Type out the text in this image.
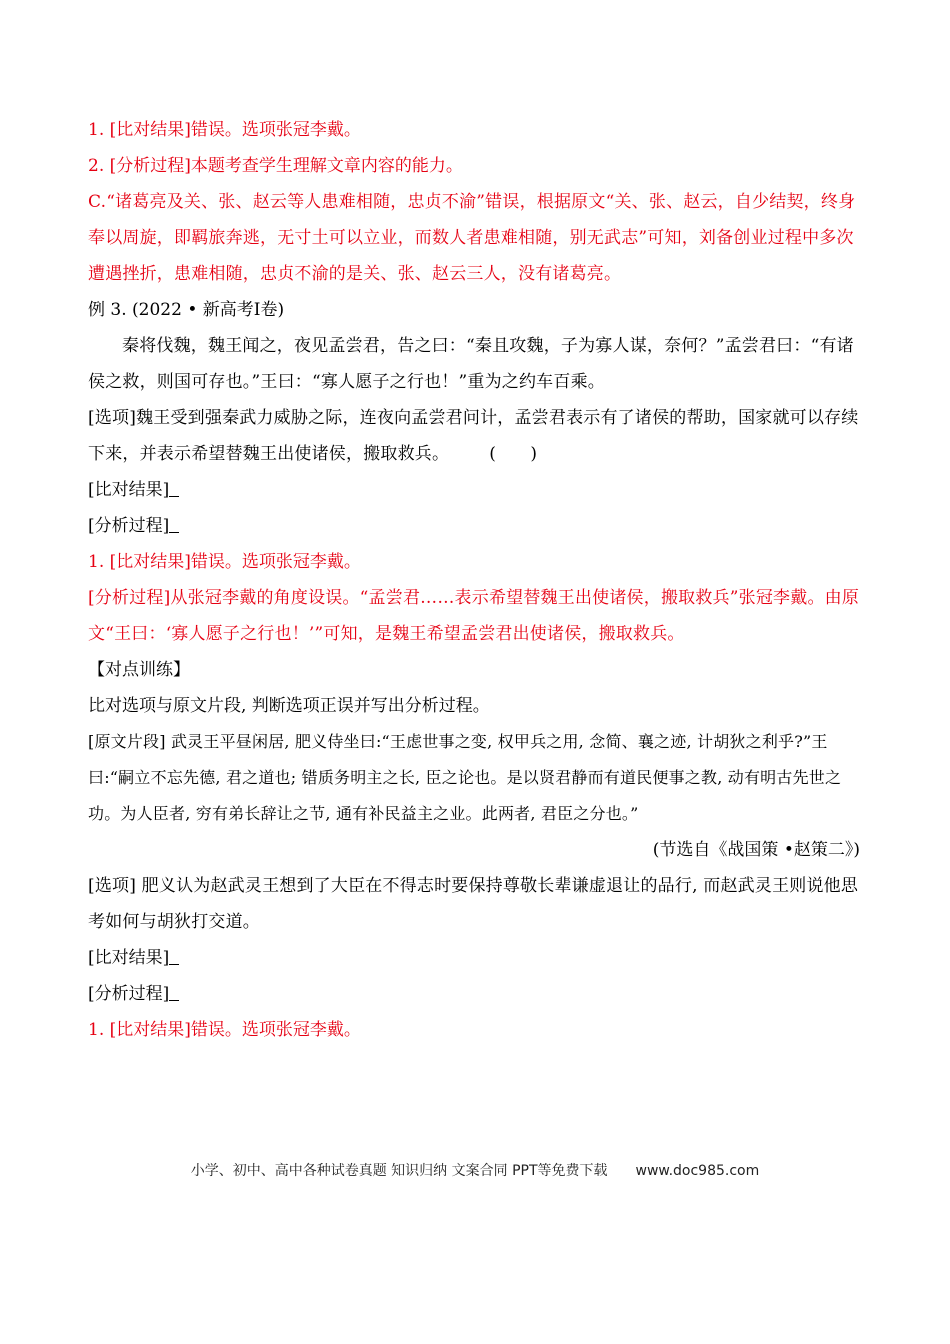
1. [比对结果]错误。选项张冠李戴。
2. [分析过程]本题考查学生理解文章内容的能力。
C.“诸葛亮及关、张、赵云等人患难相随，忠贞不渝”错误，根据原文“关、张、赵云，自少结契，终身奉以周旋，即羁旅奔逃，无寸土可以立业，而数人者患难相随，别无武志”可知，刘备创业过程中多次遭遇挫折，患难相随，忠贞不渝的是关、张、赵云三人，没有诸葛亮。
例 3. (2022 • 新高考Ⅰ卷)
秦将伐魏，魏王闻之，夜见孟尝君，告之曰：“秦且攻魏，子为寡人谋，奈何？”孟尝君曰：“有诸侯之救，则国可存也。”王曰：“寡人愿子之行也！”重为之约车百乘。
[选项]魏王受到强秦武力威胁之际，连夜向孟尝君问计，孟尝君表示有了诸侯的帮助，国家就可以存续下来，并表示希望替魏王出使诸侯，搬取救兵。 (　　)
[比对结果]
[分析过程]
1. [比对结果]错误。选项张冠李戴。
[分析过程]从张冠李戴的角度设误。“孟尝君……表示希望替魏王出使诸侯，搬取救兵”张冠李戴。由原文“王曰：‘寡人愿子之行也！’”可知，是魏王希望孟尝君出使诸侯，搬取救兵。
【对点训练】
比对选项与原文片段, 判断选项正误并写出分析过程。
[原文片段] 武灵王平昼闲居, 肥义侍坐曰:“王虑世事之变, 权甲兵之用, 念简、襄之迹, 计胡狄之利乎?”王曰:“嗣立不忘先德, 君之道也; 错质务明主之长, 臣之论也。是以贤君静而有道民便事之教, 动有明古先世之功。为人臣者, 穷有弟长辞让之节, 通有补民益主之业。此两者, 君臣之分也。”
(节选自《战国策 •赵策二》)
[选项] 肥义认为赵武灵王想到了大臣在不得志时要保持尊敬长辈谦虚退让的品行, 而赵武灵王则说他思考如何与胡狄打交道。
[比对结果]
[分析过程]
1. [比对结果]错误。选项张冠李戴。
小学、初中、高中各种试卷真题 知识归纳 文案合同 PPT等免费下载 www.doc985.com
